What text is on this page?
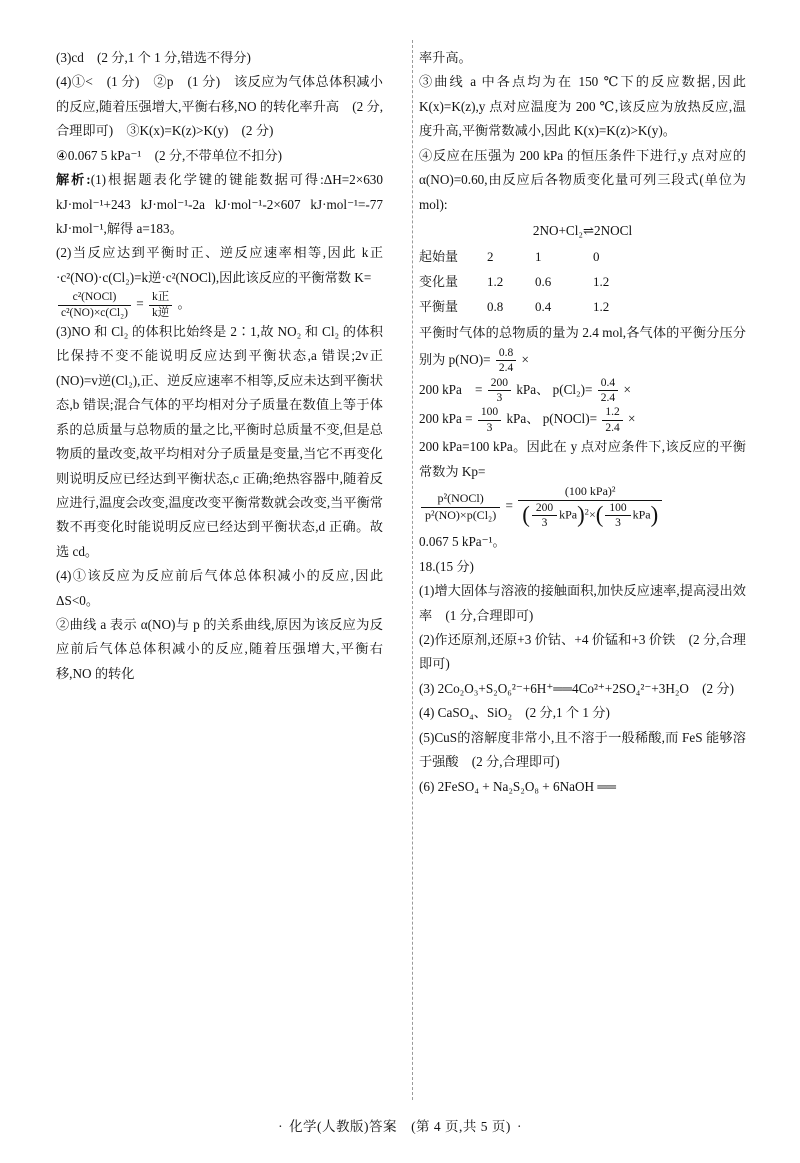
(3)cd　(2 分,1 个 1 分,错选不得分)

(4)①<　(1 分)　②p　(1 分)　该反应为气体总体积减小的反应,随着压强增大,平衡右移,NO 的转化率升高　(2 分,合理即可)　③K(x)=K(z)>K(y)　(2 分)

④0.067 5 kPa⁻¹　(2 分,不带单位不扣分)

解析:(1)根据题表化学键的键能数据可得:ΔH=2×630 kJ·mol⁻¹+243 kJ·mol⁻¹-2a kJ·mol⁻¹-2×607 kJ·mol⁻¹=-77 kJ·mol⁻¹,解得 a=183。

(2)当反应达到平衡时正、逆反应速率相等,因此 k正·c²(NO)·c(Cl₂)=k逆·c²(NOCl),因此该反应的平衡常数 K=

$\frac{\text{c²(NOCl)}}{\text{c²(NO)×c(Cl₂)}} = \frac{\text{k正}}{\text{k逆}}$ 。

(3)NO 和 Cl₂ 的体积比始终是 2∶1,故 NO₂ 和 Cl₂ 的体积比保持不变不能说明反应达到平衡状态,a 错误;2v正(NO)=v逆(Cl₂),正、逆反应速率不相等,反应未达到平衡状态,b 错误;混合气体的平均相对分子质量在数值上等于体系的总质量与总物质的量之比,平衡时总质量不变,但是总物质的量改变,故平均相对分子质量是变量,当它不再变化则说明反应已经达到平衡状态,c 正确;绝热容器中,随着反应进行,温度会改变,温度改变平衡常数就会改变,当平衡常数不再变化时能说明反应已经达到平衡状态,d 正确。故选 cd。

(4)①该反应为反应前后气体总体积减小的反应,因此 ΔS<0。

②曲线 a 表示 α(NO)与 p 的关系曲线,原因为该反应为反应前后气体总体积减小的反应,随着压强增大,平衡右移,NO 的转化

率升高。

③曲线 a 中各点均为在 150 ℃下的反应数据,因此 K(x)=K(z),y 点对应温度为 200 ℃,该反应为放热反应,温度升高,平衡常数减小,因此 K(x)=K(z)>K(y)。

④反应在压强为 200 kPa 的恒压条件下进行,y 点对应的 α(NO)=0.60,由反应后各物质变化量可列三段式(单位为 mol):

2NO+Cl₂⇌2NOCl

起始量	2	1	0
变化量	1.2	0.6	1.2
平衡量	0.8	0.4	1.2

平衡时气体的总物质的量为 2.4 mol,各气体的平衡分压分别为 $p(NO)= \frac{0.8}{2.4}$ ×

200 kPa　= $\frac{200}{3}$ kPa、 $p(Cl_2)= \frac{0.4}{2.4}$ ×

200 kPa = $\frac{100}{3}$ kPa、 p(NOCl)= $\frac{1.2}{2.4}$ ×

200 kPa=100 kPa。因此在 y 点对应条件下,该反应的平衡常数为 Kp=

$\frac{\text{p²(NOCl)}}{\text{p²(NO)×p(Cl₂)}} = \frac{\text{(100 kPa)²}}{( \frac{200}{3} kPa)^2\times( \frac{100}{3} kPa)}$

0.067 5 kPa⁻¹。

18.(15 分)

(1)增大固体与溶液的接触面积,加快反应速率,提高浸出效率　(1 分,合理即可)

(2)作还原剂,还原+3 价钴、+4 价锰和+3 价铁　(2 分,合理即可)

(3) 2Co₂O₃+S₂O₆²⁻+6H⁺══4Co²⁺+2SO₄²⁻+3H₂O　(2 分)

(4) CaSO₄、SiO₂　(2 分,1 个 1 分)

(5)CuS的溶解度非常小,且不溶于一般稀酸,而 FeS 能够溶于强酸　(2 分,合理即可)

(6) 2FeSO₄ + Na₂S₂O₈ + 6NaOH ══

· 化学(人教版)答案　 (第 4 页,共 5 页) ·
